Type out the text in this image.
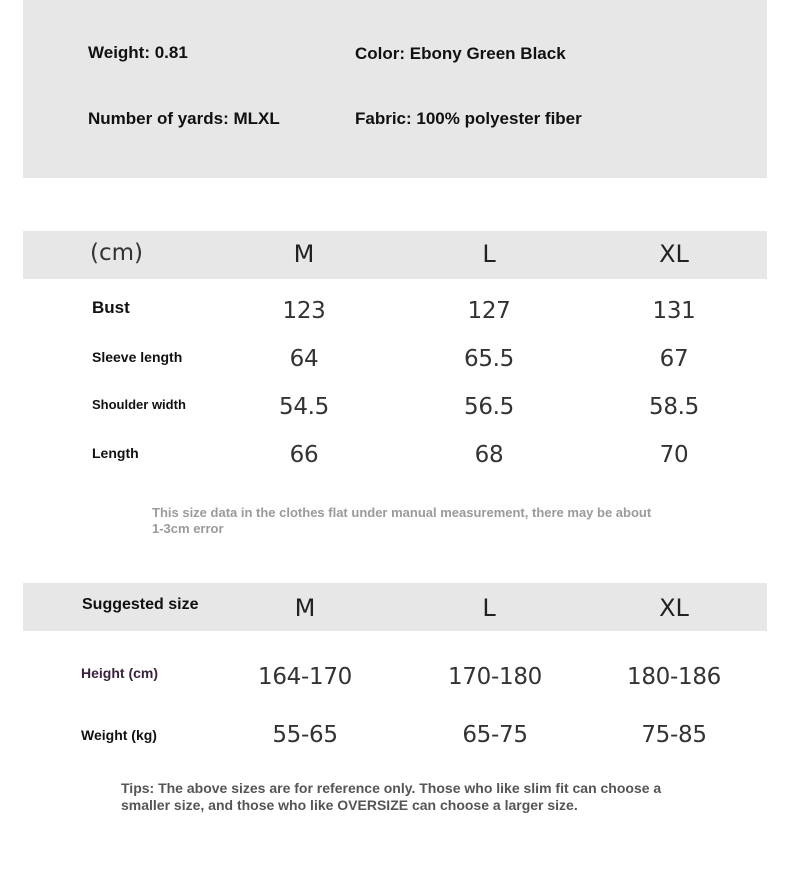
Weight: 0.81	Color: Ebony Green Black
Number of yards: MLXL	Fabric: 100% polyester fiber
(cm)	M	L	XL
Bust	123	127	131
Sleeve length	64	65.5	67
Shoulder width	54.5	56.5	58.5
Length	66	68	70
This size data in the clothes flat under manual measurement, there may be about 1-3cm error
Suggested size	M	L	XL
Height (cm)	164-170	170-180	180-186
Weight (kg)	55-65	65-75	75-85
Tips: The above sizes are for reference only. Those who like slim fit can choose a smaller size, and those who like OVERSIZE can choose a larger size.
